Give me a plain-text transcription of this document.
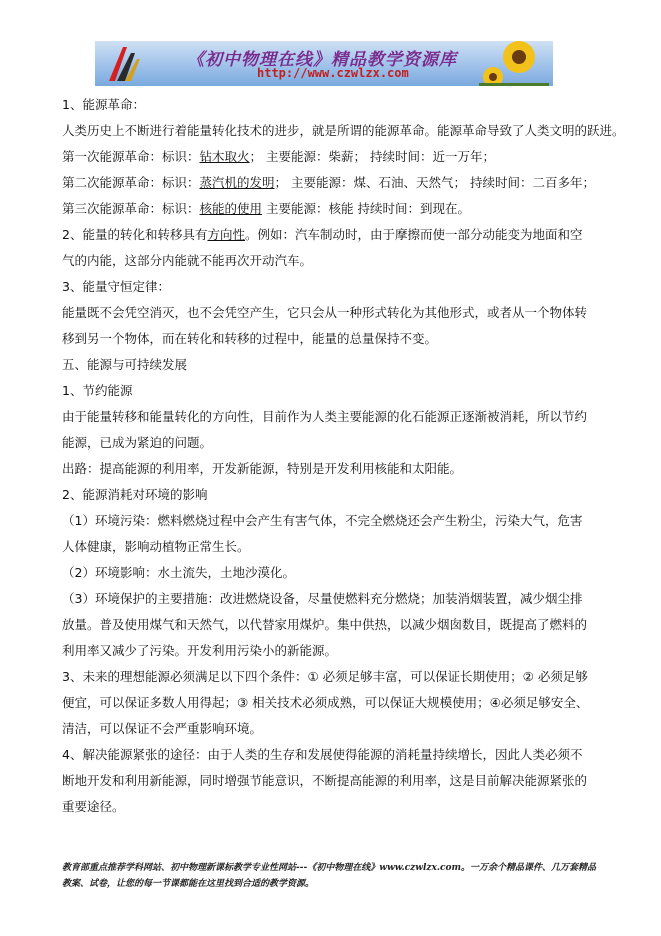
《初中物理在线》精品教学资源库
http://www.czwlzx.com
1、能源革命：
人类历史上不断进行着能量转化技术的进步，就是所谓的能源革命。能源革命导致了人类文明的跃进。
第一次能源革命：标识：钻木取火； 主要能源：柴薪； 持续时间：近一万年；
第二次能源革命：标识：蒸汽机的发明； 主要能源：煤、石油、天然气； 持续时间：二百多年；
第三次能源革命：标识：核能的使用 主要能源：核能 持续时间：到现在。
2、能量的转化和转移具有方向性。例如：汽车制动时，由于摩擦而使一部分动能变为地面和空气的内能，这部分内能就不能再次开动汽车。
3、能量守恒定律：
能量既不会凭空消灭，也不会凭空产生，它只会从一种形式转化为其他形式，或者从一个物体转移到另一个物体，而在转化和转移的过程中，能量的总量保持不变。
五、能源与可持续发展
1、节约能源
由于能量转移和能量转化的方向性，目前作为人类主要能源的化石能源正逐渐被消耗，所以节约能源，已成为紧迫的问题。
出路：提高能源的利用率，开发新能源，特别是开发利用核能和太阳能。
2、能源消耗对环境的影响
（1）环境污染：燃料燃烧过程中会产生有害气体，不完全燃烧还会产生粉尘，污染大气，危害人体健康，影响动植物正常生长。
（2）环境影响：水土流失，土地沙漠化。
（3）环境保护的主要措施：改进燃烧设备，尽量使燃料充分燃烧；加装消烟装置，减少烟尘排放量。普及使用煤气和天然气，以代替家用煤炉。集中供热，以减少烟囱数目，既提高了燃料的利用率又减少了污染。开发利用污染小的新能源。
3、未来的理想能源必须满足以下四个条件：① 必须足够丰富，可以保证长期使用；② 必须足够便宜，可以保证多数人用得起；③ 相关技术必须成熟，可以保证大规模使用；④必须足够安全、清洁，可以保证不会严重影响环境。
4、解决能源紧张的途径：由于人类的生存和发展使得能源的消耗量持续增长，因此人类必须不断地开发和利用新能源，同时增强节能意识，不断提高能源的利用率，这是目前解决能源紧张的重要途径。
教育部重点推荐学科网站、初中物理新课标教学专业性网站---《初中物理在线》www.czwlzx.com。一万余个精品课件、几万套精品教案、试卷，让您的每一节课都能在这里找到合适的教学资源。
